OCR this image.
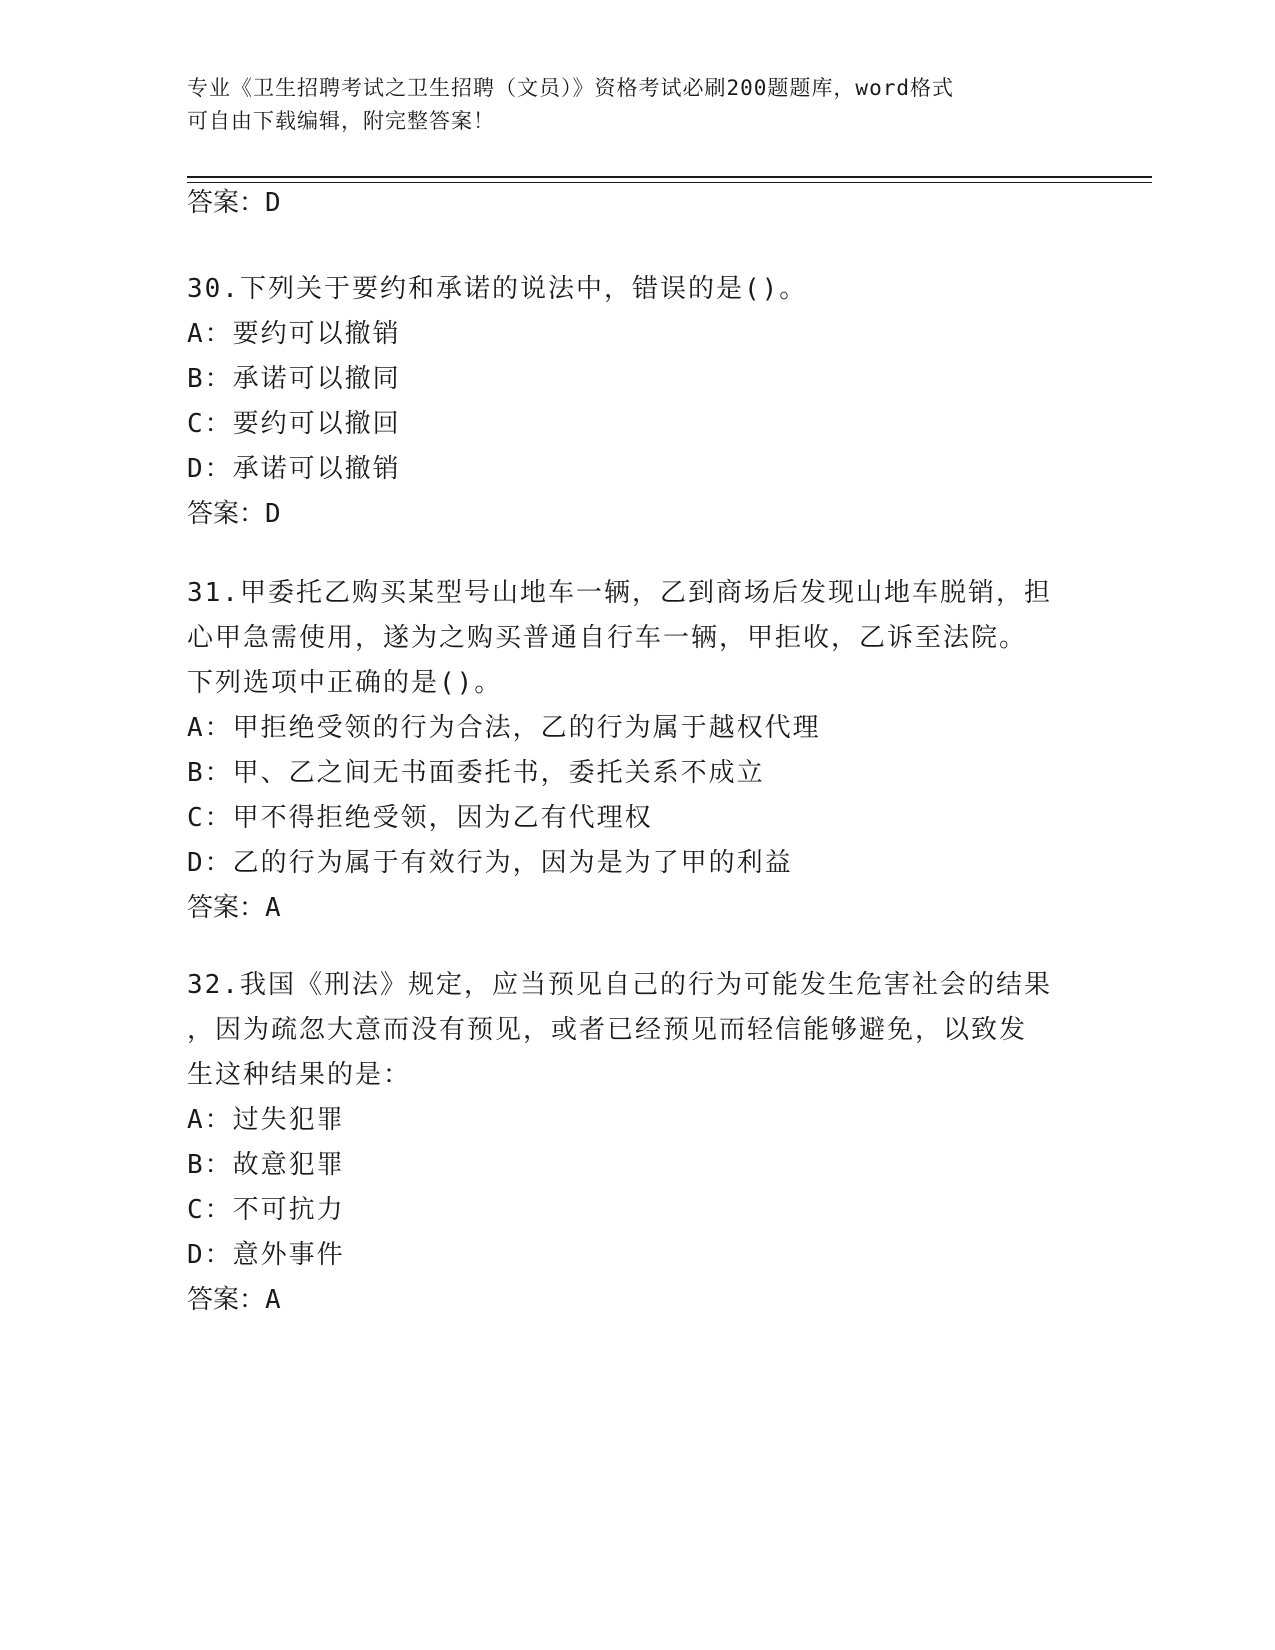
专业《卫生招聘考试之卫生招聘（文员）》资格考试必刷200题题库，word格式
可自由下载编辑，附完整答案！
答案：D

30.下列关于要约和承诺的说法中，错误的是()。

A：要约可以撤销

B：承诺可以撤同

C：要约可以撤回

D：承诺可以撤销

答案：D

31.甲委托乙购买某型号山地车一辆，乙到商场后发现山地车脱销，担

心甲急需使用，遂为之购买普通自行车一辆，甲拒收，乙诉至法院。

下列选项中正确的是()。

A：甲拒绝受领的行为合法，乙的行为属于越权代理

B：甲、乙之间无书面委托书，委托关系不成立

C：甲不得拒绝受领，因为乙有代理权

D：乙的行为属于有效行为，因为是为了甲的利益

答案：A

32.我国《刑法》规定，应当预见自己的行为可能发生危害社会的结果

，因为疏忽大意而没有预见，或者已经预见而轻信能够避免，以致发

生这种结果的是：

A：过失犯罪

B：故意犯罪

C：不可抗力

D：意外事件

答案：A
